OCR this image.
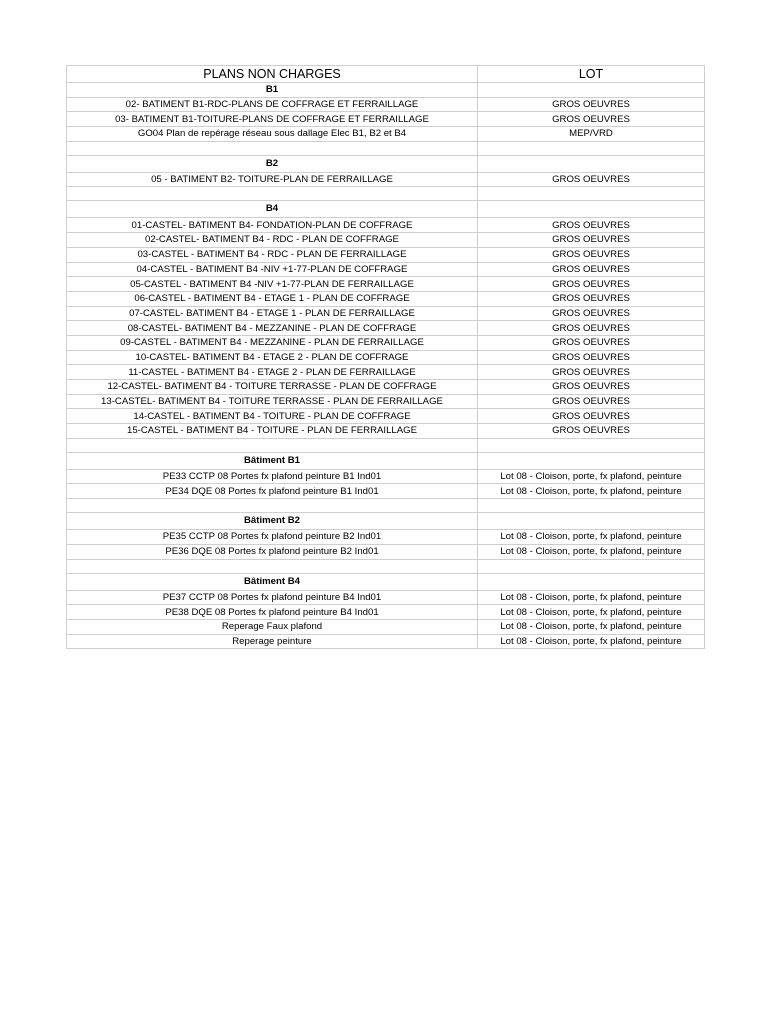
PLANS NON CHARGES	LOT
B1	
02- BATIMENT B1-RDC-PLANS DE COFFRAGE ET FERRAILLAGE	GROS OEUVRES
03- BATIMENT B1-TOITURE-PLANS DE COFFRAGE ET FERRAILLAGE	GROS OEUVRES
GO04 Plan de repérage réseau sous dallage Elec B1, B2 et B4	MEP/VRD

B2	
05 - BATIMENT B2- TOITURE-PLAN DE FERRAILLAGE	GROS OEUVRES

B4	
01-CASTEL- BATIMENT B4- FONDATION-PLAN DE COFFRAGE	GROS OEUVRES
02-CASTEL- BATIMENT B4 - RDC - PLAN DE COFFRAGE	GROS OEUVRES
03-CASTEL - BATIMENT B4 - RDC - PLAN DE FERRAILLAGE	GROS OEUVRES
04-CASTEL - BATIMENT B4 -NIV +1-77-PLAN DE COFFRAGE	GROS OEUVRES
05-CASTEL - BATIMENT B4 -NIV +1-77-PLAN DE FERRAILLAGE	GROS OEUVRES
06-CASTEL - BATIMENT B4 - ETAGE 1 - PLAN DE COFFRAGE	GROS OEUVRES
07-CASTEL- BATIMENT B4 - ETAGE 1 - PLAN DE FERRAILLAGE	GROS OEUVRES
08-CASTEL- BATIMENT B4 - MEZZANINE - PLAN DE COFFRAGE	GROS OEUVRES
09-CASTEL - BATIMENT B4 - MEZZANINE - PLAN DE FERRAILLAGE	GROS OEUVRES
10-CASTEL- BATIMENT B4 - ETAGE 2 - PLAN DE COFFRAGE	GROS OEUVRES
11-CASTEL - BATIMENT B4 - ETAGE 2 - PLAN DE FERRAILLAGE	GROS OEUVRES
12-CASTEL- BATIMENT B4 - TOITURE TERRASSE - PLAN DE COFFRAGE	GROS OEUVRES
13-CASTEL- BATIMENT B4 - TOITURE TERRASSE - PLAN DE FERRAILLAGE	GROS OEUVRES
14-CASTEL - BATIMENT B4 - TOITURE - PLAN DE COFFRAGE	GROS OEUVRES
15-CASTEL - BATIMENT B4 - TOITURE - PLAN DE FERRAILLAGE	GROS OEUVRES

Bâtiment B1	
PE33 CCTP 08 Portes fx plafond peinture B1 Ind01	Lot 08 - Cloison, porte, fx plafond, peinture
PE34 DQE 08 Portes fx plafond peinture B1 Ind01	Lot 08 - Cloison, porte, fx plafond, peinture

Bâtiment B2	
PE35 CCTP 08 Portes fx plafond peinture B2 Ind01	Lot 08 - Cloison, porte, fx plafond, peinture
PE36 DQE 08 Portes fx plafond peinture B2 Ind01	Lot 08 - Cloison, porte, fx plafond, peinture

Bâtiment B4	
PE37 CCTP 08 Portes fx plafond peinture B4 Ind01	Lot 08 - Cloison, porte, fx plafond, peinture
PE38 DQE 08 Portes fx plafond peinture B4 Ind01	Lot 08 - Cloison, porte, fx plafond, peinture
Reperage Faux plafond	Lot 08 - Cloison, porte, fx plafond, peinture
Reperage peinture	Lot 08 - Cloison, porte, fx plafond, peinture
